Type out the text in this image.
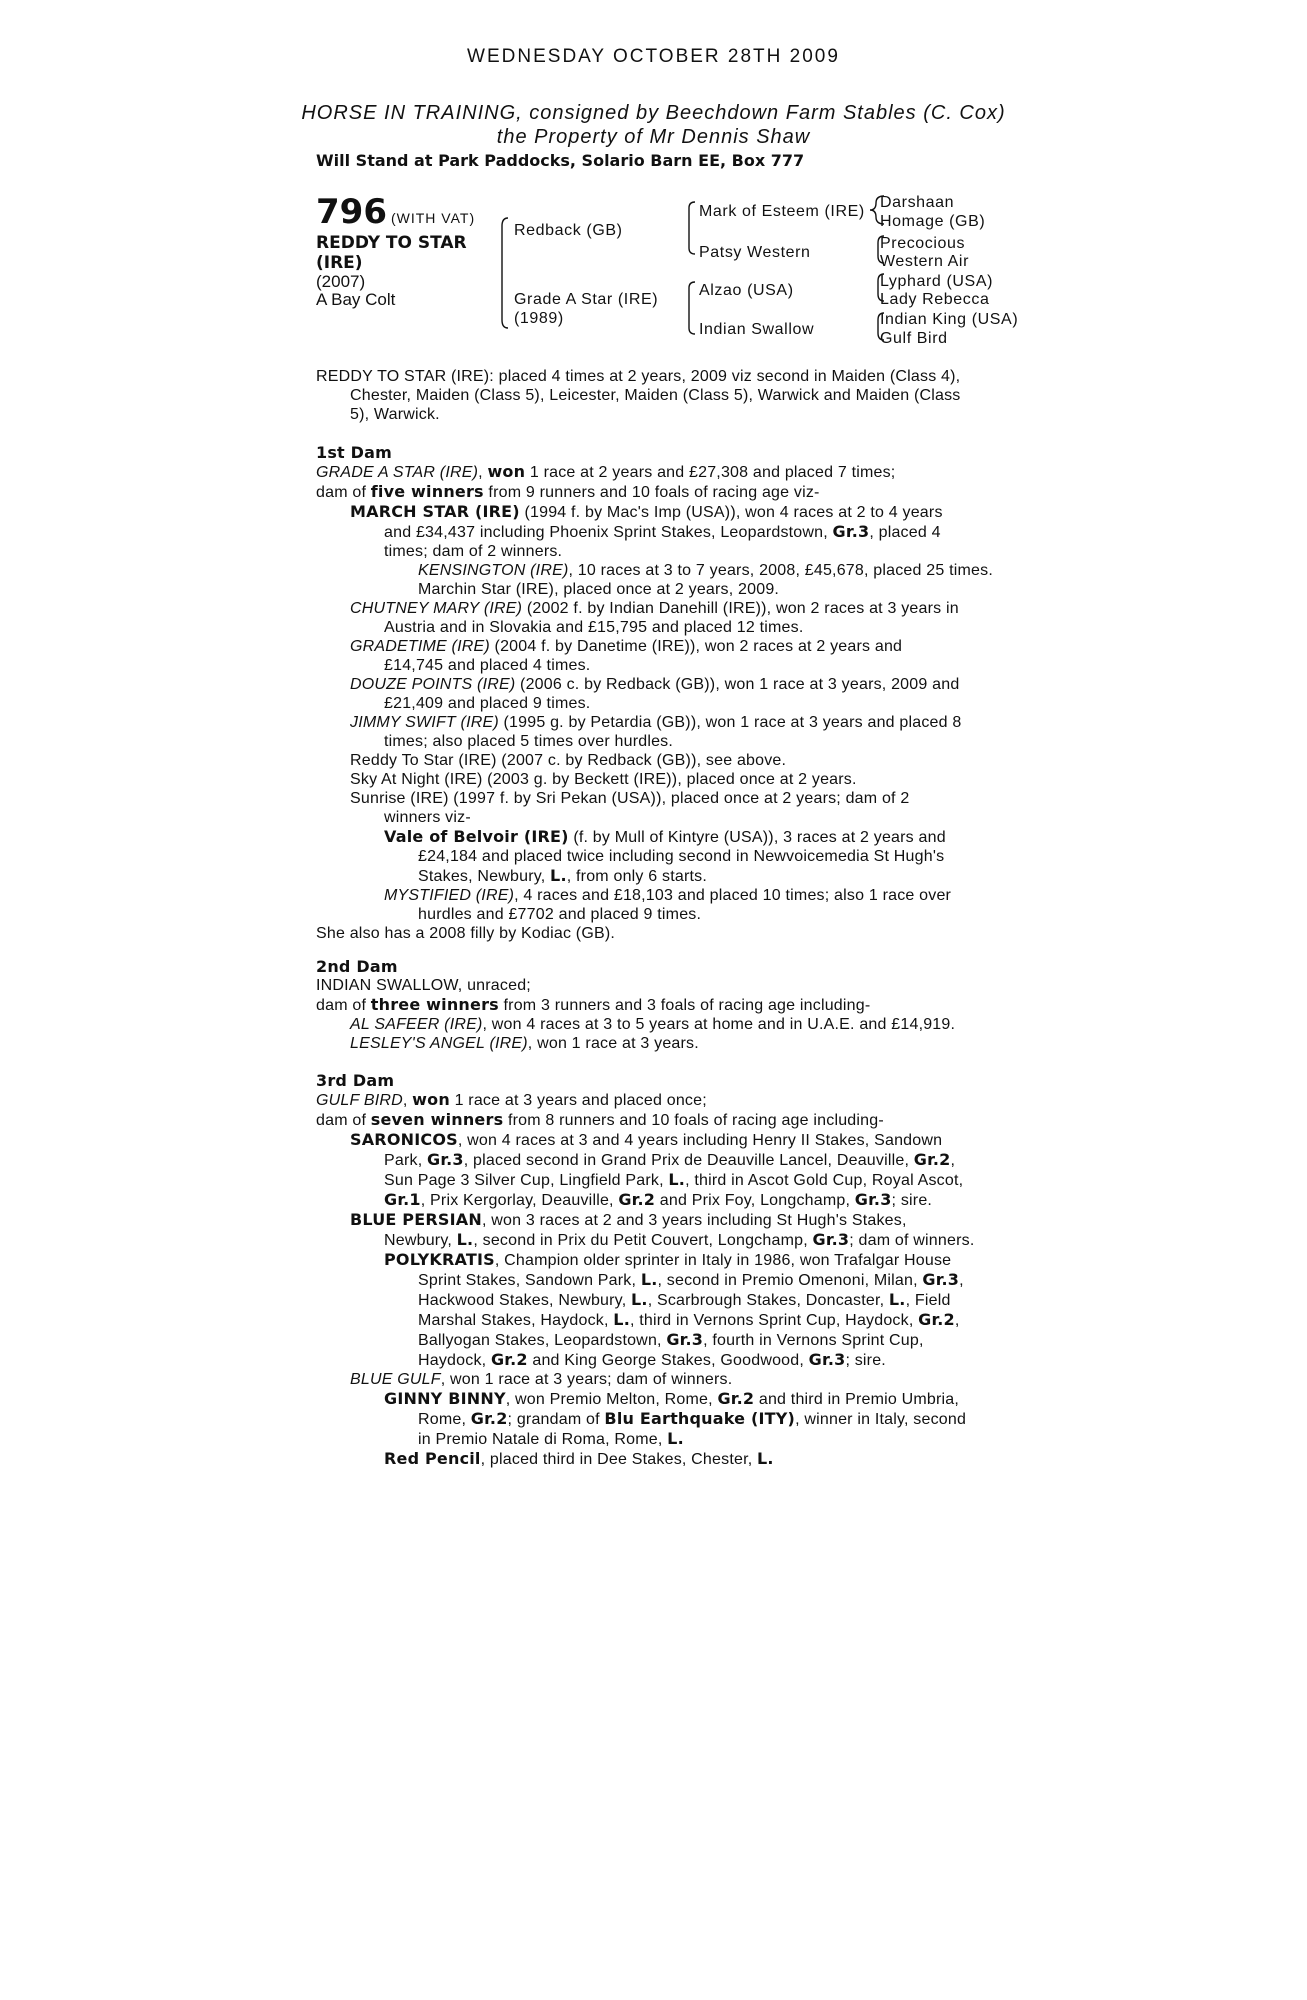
WEDNESDAY OCTOBER 28TH 2009
HORSE IN TRAINING, consigned by Beechdown Farm Stables (C. Cox)
the Property of Mr Dennis Shaw
Will Stand at Park Paddocks, Solario Barn EE, Box 777
796 (WITH VAT)
REDDY TO STAR
(IRE)
(2007)
A Bay Colt
Redback (GB)
Grade A Star (IRE)
(1989)
Mark of Esteem (IRE)
Patsy Western
Alzao (USA)
Indian Swallow
Darshaan
Homage (GB)
Precocious
Western Air
Lyphard (USA)
Lady Rebecca
Indian King (USA)
Gulf Bird
REDDY TO STAR (IRE): placed 4 times at 2 years, 2009 viz second in Maiden (Class 4),
Chester, Maiden (Class 5), Leicester, Maiden (Class 5), Warwick and Maiden (Class
5), Warwick.
1st Dam
GRADE A STAR (IRE), won 1 race at 2 years and £27,308 and placed 7 times;
dam of five winners from 9 runners and 10 foals of racing age viz-
MARCH STAR (IRE) (1994 f. by Mac's Imp (USA)), won 4 races at 2 to 4 years
and £34,437 including Phoenix Sprint Stakes, Leopardstown, Gr.3, placed 4
times; dam of 2 winners.
KENSINGTON (IRE), 10 races at 3 to 7 years, 2008, £45,678, placed 25 times.
Marchin Star (IRE), placed once at 2 years, 2009.
CHUTNEY MARY (IRE) (2002 f. by Indian Danehill (IRE)), won 2 races at 3 years in
Austria and in Slovakia and £15,795 and placed 12 times.
GRADETIME (IRE) (2004 f. by Danetime (IRE)), won 2 races at 2 years and
£14,745 and placed 4 times.
DOUZE POINTS (IRE) (2006 c. by Redback (GB)), won 1 race at 3 years, 2009 and
£21,409 and placed 9 times.
JIMMY SWIFT (IRE) (1995 g. by Petardia (GB)), won 1 race at 3 years and placed 8
times; also placed 5 times over hurdles.
Reddy To Star (IRE) (2007 c. by Redback (GB)), see above.
Sky At Night (IRE) (2003 g. by Beckett (IRE)), placed once at 2 years.
Sunrise (IRE) (1997 f. by Sri Pekan (USA)), placed once at 2 years; dam of 2
winners viz-
Vale of Belvoir (IRE) (f. by Mull of Kintyre (USA)), 3 races at 2 years and
£24,184 and placed twice including second in Newvoicemedia St Hugh's
Stakes, Newbury, L., from only 6 starts.
MYSTIFIED (IRE), 4 races and £18,103 and placed 10 times; also 1 race over
hurdles and £7702 and placed 9 times.
She also has a 2008 filly by Kodiac (GB).
2nd Dam
INDIAN SWALLOW, unraced;
dam of three winners from 3 runners and 3 foals of racing age including-
AL SAFEER (IRE), won 4 races at 3 to 5 years at home and in U.A.E. and £14,919.
LESLEY'S ANGEL (IRE), won 1 race at 3 years.
3rd Dam
GULF BIRD, won 1 race at 3 years and placed once;
dam of seven winners from 8 runners and 10 foals of racing age including-
SARONICOS, won 4 races at 3 and 4 years including Henry II Stakes, Sandown
Park, Gr.3, placed second in Grand Prix de Deauville Lancel, Deauville, Gr.2,
Sun Page 3 Silver Cup, Lingfield Park, L., third in Ascot Gold Cup, Royal Ascot,
Gr.1, Prix Kergorlay, Deauville, Gr.2 and Prix Foy, Longchamp, Gr.3; sire.
BLUE PERSIAN, won 3 races at 2 and 3 years including St Hugh's Stakes,
Newbury, L., second in Prix du Petit Couvert, Longchamp, Gr.3; dam of winners.
POLYKRATIS, Champion older sprinter in Italy in 1986, won Trafalgar House
Sprint Stakes, Sandown Park, L., second in Premio Omenoni, Milan, Gr.3,
Hackwood Stakes, Newbury, L., Scarbrough Stakes, Doncaster, L., Field
Marshal Stakes, Haydock, L., third in Vernons Sprint Cup, Haydock, Gr.2,
Ballyogan Stakes, Leopardstown, Gr.3, fourth in Vernons Sprint Cup,
Haydock, Gr.2 and King George Stakes, Goodwood, Gr.3; sire.
BLUE GULF, won 1 race at 3 years; dam of winners.
GINNY BINNY, won Premio Melton, Rome, Gr.2 and third in Premio Umbria,
Rome, Gr.2; grandam of Blu Earthquake (ITY), winner in Italy, second
in Premio Natale di Roma, Rome, L.
Red Pencil, placed third in Dee Stakes, Chester, L.
